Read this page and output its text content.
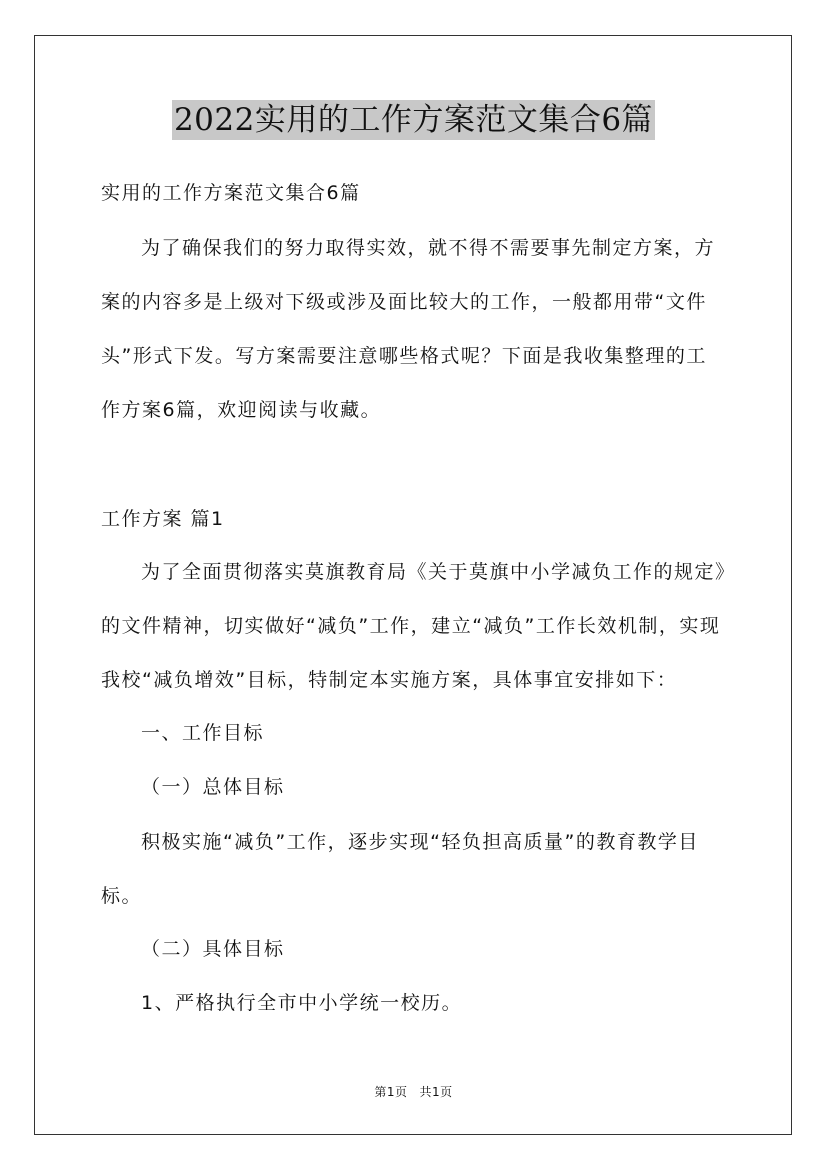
2022实用的工作方案范文集合6篇

实用的工作方案范文集合6篇

为了确保我们的努力取得实效，就不得不需要事先制定方案，方案的内容多是上级对下级或涉及面比较大的工作，一般都用带“文件头”形式下发。写方案需要注意哪些格式呢？下面是我收集整理的工作方案6篇，欢迎阅读与收藏。

工作方案 篇1

为了全面贯彻落实莫旗教育局《关于莫旗中小学减负工作的规定》的文件精神，切实做好“减负”工作，建立“减负”工作长效机制，实现我校“减负增效”目标，特制定本实施方案，具体事宜安排如下：

一、工作目标

（一）总体目标

积极实施“减负”工作，逐步实现“轻负担高质量”的教育教学目标。

（二）具体目标

1、严格执行全市中小学统一校历。

第1页 共1页
